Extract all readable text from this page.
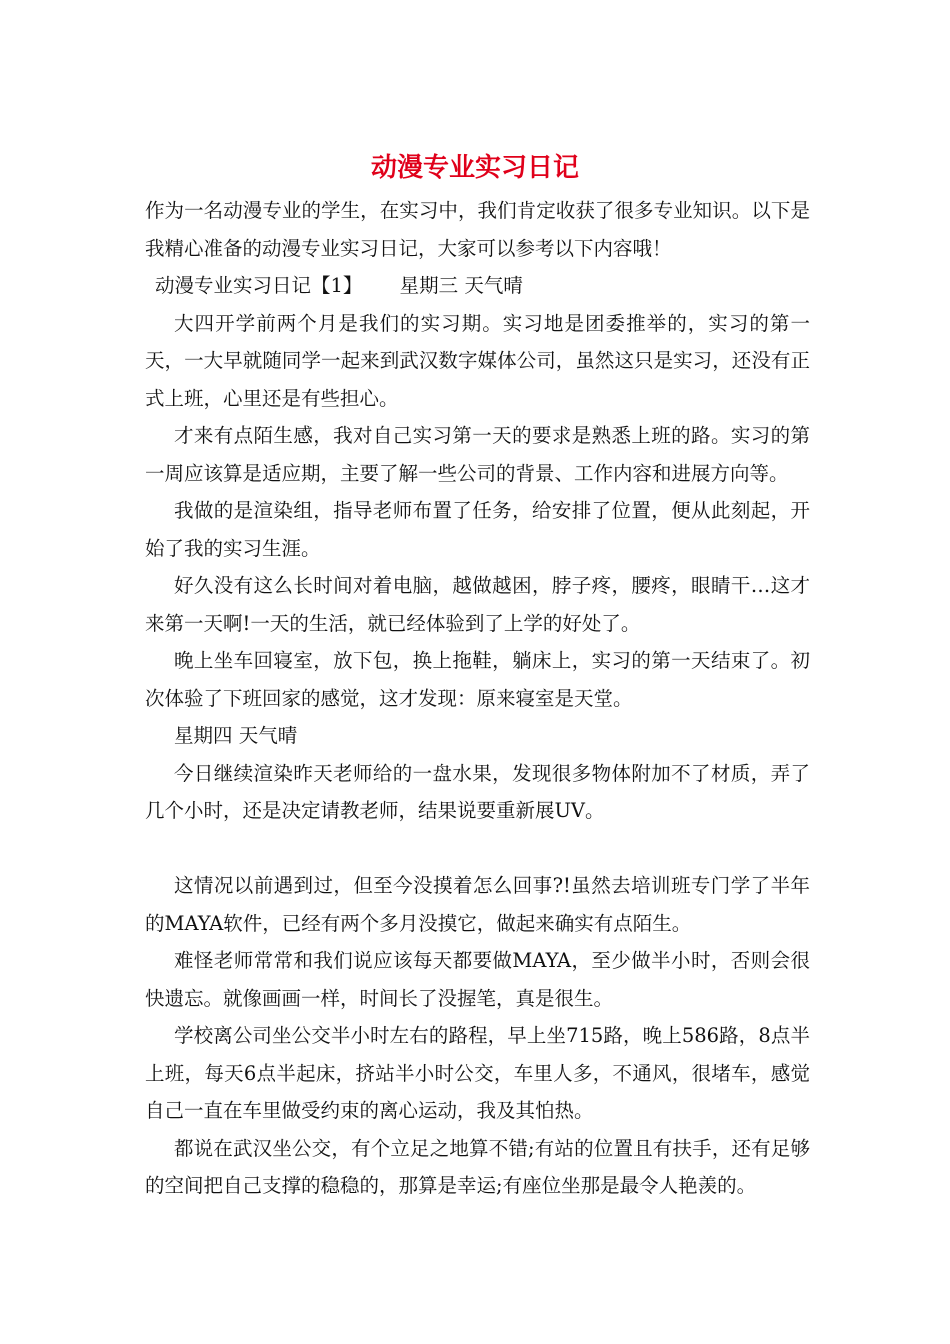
动漫专业实习日记

作为一名动漫专业的学生，在实习中，我们肯定收获了很多专业知识。以下是我精心准备的动漫专业实习日记，大家可以参考以下内容哦！

动漫专业实习日记【1】 星期三 天气晴

大四开学前两个月是我们的实习期。实习地是团委推举的，实习的第一天，一大早就随同学一起来到武汉数字媒体公司，虽然这只是实习，还没有正式上班，心里还是有些担心。

才来有点陌生感，我对自己实习第一天的要求是熟悉上班的路。实习的第一周应该算是适应期，主要了解一些公司的背景、工作内容和进展方向等。

我做的是渲染组，指导老师布置了任务，给安排了位置，便从此刻起，开始了我的实习生涯。

好久没有这么长时间对着电脑，越做越困，脖子疼，腰疼，眼睛干…这才来第一天啊!一天的生活，就已经体验到了上学的好处了。

晚上坐车回寝室，放下包，换上拖鞋，躺床上，实习的第一天结束了。初次体验了下班回家的感觉，这才发现：原来寝室是天堂。

星期四 天气晴

今日继续渲染昨天老师给的一盘水果，发现很多物体附加不了材质，弄了几个小时，还是决定请教老师，结果说要重新展UV。

这情况以前遇到过，但至今没摸着怎么回事?!虽然去培训班专门学了半年的MAYA软件，已经有两个多月没摸它，做起来确实有点陌生。

难怪老师常常和我们说应该每天都要做MAYA，至少做半小时，否则会很快遗忘。就像画画一样，时间长了没握笔，真是很生。

学校离公司坐公交半小时左右的路程，早上坐715路，晚上586路，8点半上班，每天6点半起床，挤站半小时公交，车里人多，不通风，很堵车，感觉自己一直在车里做受约束的离心运动，我及其怕热。

都说在武汉坐公交，有个立足之地算不错;有站的位置且有扶手，还有足够的空间把自己支撑的稳稳的，那算是幸运;有座位坐那是最令人艳羡的。
